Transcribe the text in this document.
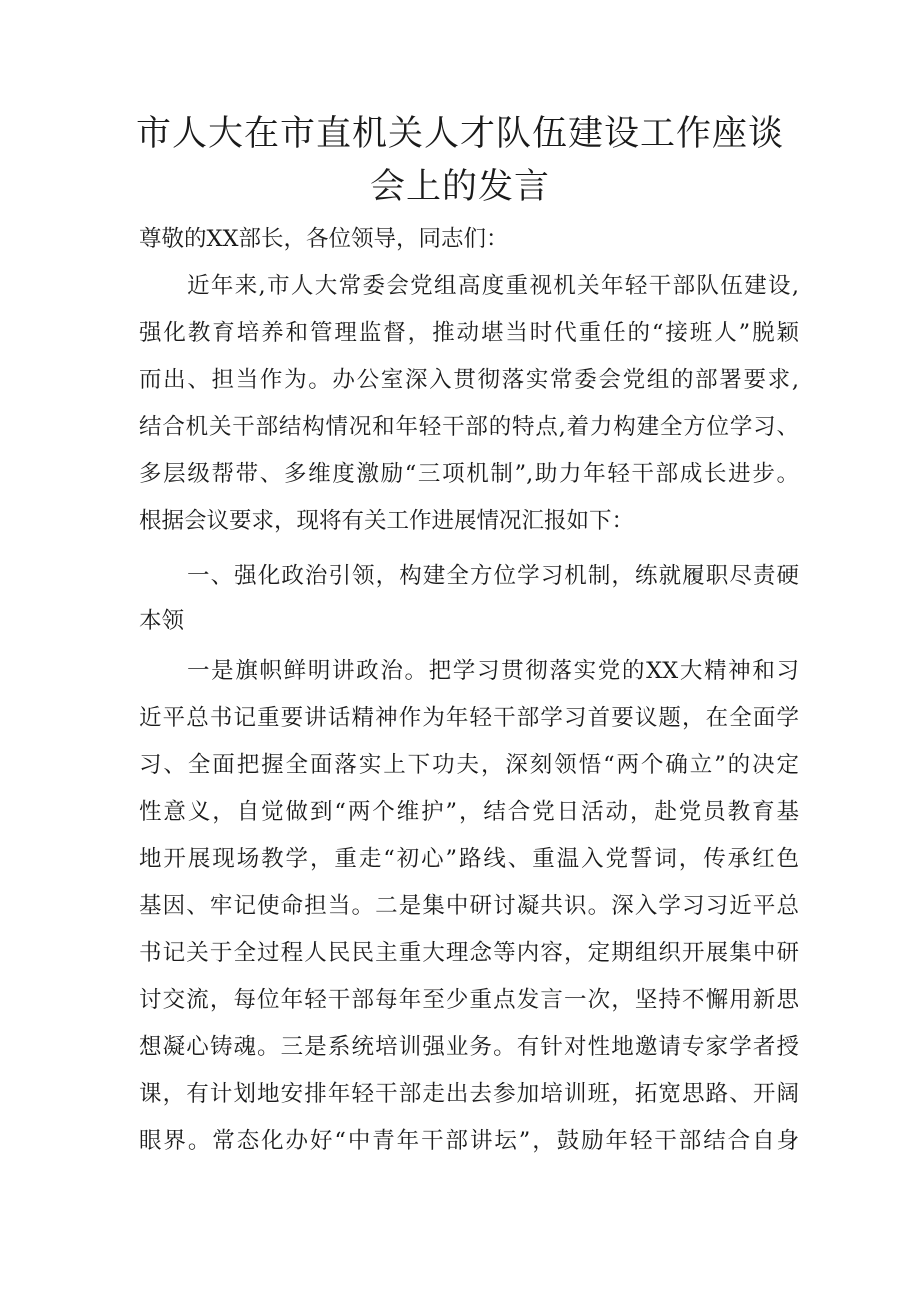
市人大在市直机关人才队伍建设工作座谈
会上的发言

尊敬的XX部长，各位领导，同志们：

近年来,市人大常委会党组高度重视机关年轻干部队伍建设,

强化教育培养和管理监督，推动堪当时代重任的“接班人”脱颖

而出、担当作为。办公室深入贯彻落实常委会党组的部署要求,

结合机关干部结构情况和年轻干部的特点,着力构建全方位学习、

多层级帮带、多维度激励“三项机制”,助力年轻干部成长进步。

根据会议要求，现将有关工作进展情况汇报如下：

一、强化政治引领，构建全方位学习机制，练就履职尽责硬

本领

一是旗帜鲜明讲政治。把学习贯彻落实党的XX大精神和习

近平总书记重要讲话精神作为年轻干部学习首要议题，在全面学

习、全面把握全面落实上下功夫，深刻领悟“两个确立”的决定

性意义，自觉做到“两个维护”，结合党日活动，赴党员教育基

地开展现场教学，重走“初心”路线、重温入党誓词，传承红色

基因、牢记使命担当。二是集中研讨凝共识。深入学习习近平总

书记关于全过程人民民主重大理念等内容，定期组织开展集中研

讨交流，每位年轻干部每年至少重点发言一次，坚持不懈用新思

想凝心铸魂。三是系统培训强业务。有针对性地邀请专家学者授

课，有计划地安排年轻干部走出去参加培训班，拓宽思路、开阔

眼界。常态化办好“中青年干部讲坛”，鼓励年轻干部结合自身
